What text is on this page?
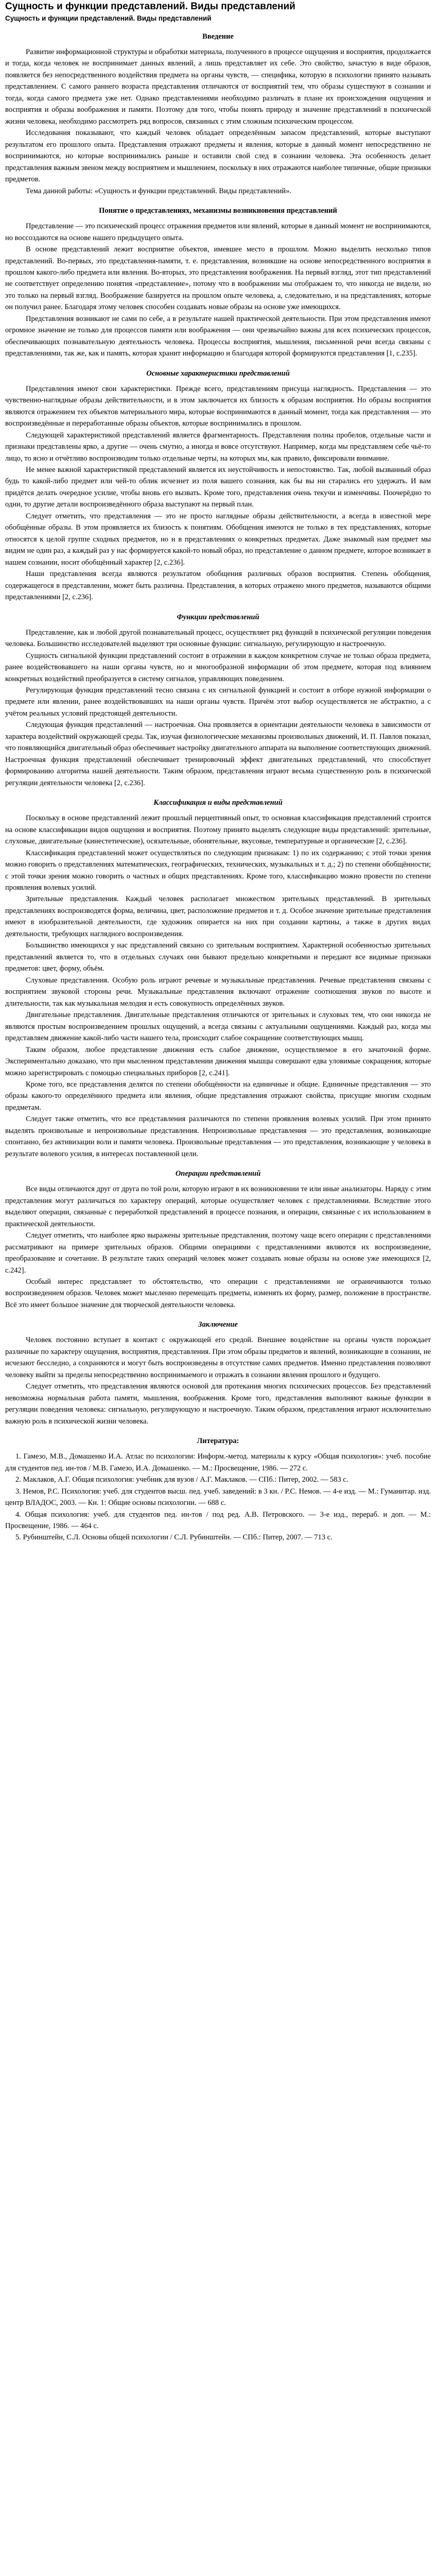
Сущность и функции представлений. Виды представлений
Сущность и функции представлений. Виды представлений
Введение

Развитие информационной структуры и обработки материала, полученного в процессе ощущения и восприятия, продолжается и тогда, когда человек не воспринимает данных явлений, а лишь представляет их себе. Это свойство, зачастую в виде образов, появляется без непосредственного воздействия предмета на органы чувств, — специфика, которую в психологии принято называть представлением. С самого раннего возраста представления отличаются от восприятий тем, что образы существуют в сознании и тогда, когда самого предмета уже нет. Однако представлениями необходимо различать в плане их происхождения ощущения и восприятия и образы воображения и памяти. Поэтому для того, чтобы понять природу и значение представлений в психической жизни человека, необходимо рассмотреть ряд вопросов, связанных с этим сложным психическим процессом.

Исследования показывают, что каждый человек обладает определённым запасом представлений, которые выступают результатом его прошлого опыта. Представления отражают предметы и явления, которые в данный момент непосредственно не воспринимаются, но которые воспринимались раньше и оставили свой след в сознании человека. Эта особенность делает представления важным звеном между восприятием и мышлением, поскольку в них отражаются наиболее типичные, общие признаки предметов.

Тема данной работы: «Сущность и функции представлений. Виды представлений».

Понятие о представлениях, механизмы возникновения представлений

Представление — это психический процесс отражения предметов или явлений, которые в данный момент не воспринимаются, но воссоздаются на основе нашего предыдущего опыта.

В основе представлений лежит восприятие объектов, имевшее место в прошлом. Можно выделить несколько типов представлений. Во-первых, это представления-памяти, т. е. представления, возникшие на основе непосредственного восприятия в прошлом какого-либо предмета или явления. Во-вторых, это представления воображения. На первый взгляд, этот тип представлений не соответствует определению понятия «представление», потому что в воображении мы отображаем то, что никогда не видели, но это только на первый взгляд. Воображение базируется на прошлом опыте человека, а, следовательно, и на представлениях, которые он получил ранее. Благодаря этому человек способен создавать новые образы на основе уже имеющихся.

Представления возникают не сами по себе, а в результате нашей практической деятельности. При этом представления имеют огромное значение не только для процессов памяти или воображения — они чрезвычайно важны для всех психических процессов, обеспечивающих познавательную деятельность человека. Процессы восприятия, мышления, письменной речи всегда связаны с представлениями, так же, как и память, которая хранит информацию и благодаря которой формируются представления [1, с.235].

Основные характеристики представлений

Представления имеют свои характеристики. Прежде всего, представлениям присуща наглядность. Представления — это чувственно-наглядные образы действительности, и в этом заключается их близость к образам восприятия. Но образы восприятия являются отражением тех объектов материального мира, которые воспринимаются в данный момент, тогда как представления — это воспроизведённые и переработанные образы объектов, которые воспринимались в прошлом.

Следующей характеристикой представлений является фрагментарность. Представления полны пробелов, отдельные части и признаки представлены ярко, а другие — очень смутно, а иногда и вовсе отсутствуют. Например, когда мы представляем себе чьё-то лицо, то ясно и отчётливо воспроизводим только отдельные черты, на которых мы, как правило, фиксировали внимание.

Не менее важной характеристикой представлений является их неустойчивость и непостоянство. Так, любой вызванный образ будь то какой-либо предмет или чей-то облик исчезнет из поля вашего сознания, как бы вы ни старались его удержать. И вам придётся делать очередное усилие, чтобы вновь его вызвать. Кроме того, представления очень текучи и изменчивы. Поочерёдно то одни, то другие детали воспроизведённого образа выступают на первый план.

Следует отметить, что представления — это не просто наглядные образы действительности, а всегда в известной мере обобщённые образы. В этом проявляется их близость к понятиям. Обобщения имеются не только в тех представлениях, которые относятся к целой группе сходных предметов, но и в представлениях о конкретных предметах. Даже знакомый нам предмет мы видим не один раз, а каждый раз у нас формируется какой-то новый образ, но представление о данном предмете, которое возникает в нашем сознании, носит обобщённый характер [2, с.236].

Наши представления всегда являются результатом обобщения различных образов восприятия. Степень обобщения, содержащегося в представлении, может быть различна. Представления, в которых отражено много предметов, называются общими представлениями [2, с.236].

Функции представлений

Представление, как и любой другой познавательный процесс, осуществляет ряд функций в психической регуляции поведения человека. Большинство исследователей выделяют три основные функции: сигнальную, регулирующую и настроечную.

Сущность сигнальной функции представлений состоит в отражении в каждом конкретном случае не только образа предмета, ранее воздействовавшего на наши органы чувств, но и многообразной информации об этом предмете, которая под влиянием конкретных воздействий преобразуется в систему сигналов, управляющих поведением.

Регулирующая функция представлений тесно связана с их сигнальной функцией и состоит в отборе нужной информации о предмете или явлении, ранее воздействовавших на наши органы чувств. Причём этот выбор осуществляется не абстрактно, а с учётом реальных условий предстоящей деятельности.

Следующая функция представлений — настроечная. Она проявляется в ориентации деятельности человека в зависимости от характера воздействий окружающей среды. Так, изучая физиологические механизмы произвольных движений, И. П. Павлов показал, что появляющийся двигательный образ обеспечивает настройку двигательного аппарата на выполнение соответствующих движений. Настроечная функция представлений обеспечивает тренировочный эффект двигательных представлений, что способствует формированию алгоритма нашей деятельности. Таким образом, представления играют весьма существенную роль в психической регуляции деятельности человека [2, с.236].

Классификация и виды представлений

Поскольку в основе представлений лежит прошлый перцептивный опыт, то основная классификация представлений строится на основе классификации видов ощущения и восприятия. Поэтому принято выделять следующие виды представлений: зрительные, слуховые, двигательные (кинестетические), осязательные, обонятельные, вкусовые, температурные и органические [2, с.236].

Классификация представлений может осуществляться по следующим признакам: 1) по их содержанию; с этой точки зрения можно говорить о представлениях математических, географических, технических, музыкальных и т. д.; 2) по степени обобщённости; с этой точки зрения можно говорить о частных и общих представлениях. Кроме того, классификацию можно провести по степени проявления волевых усилий.

Зрительные представления. Каждый человек располагает множеством зрительных представлений. В зрительных представлениях воспроизводятся форма, величина, цвет, расположение предметов и т. д. Особое значение зрительные представления имеют в изобразительной деятельности, где художник опирается на них при создании картины, а также в других видах деятельности, требующих наглядного воспроизведения.

Большинство имеющихся у нас представлений связано со зрительным восприятием. Характерной особенностью зрительных представлений является то, что в отдельных случаях они бывают предельно конкретными и передают все видимые признаки предметов: цвет, форму, объём.

Слуховые представления. Особую роль играют речевые и музыкальные представления. Речевые представления связаны с восприятием звуковой стороны речи. Музыкальные представления включают отражение соотношения звуков по высоте и длительности, так как музыкальная мелодия и есть совокупность определённых звуков.

Двигательные представления. Двигательные представления отличаются от зрительных и слуховых тем, что они никогда не являются простым воспроизведением прошлых ощущений, а всегда связаны с актуальными ощущениями. Каждый раз, когда мы представляем движение какой-либо части нашего тела, происходит слабое сокращение соответствующих мышц.

Таким образом, любое представление движения есть слабое движение, осуществляемое в его зачаточной форме. Экспериментально доказано, что при мысленном представлении движения мышцы совершают едва уловимые сокращения, которые можно зарегистрировать с помощью специальных приборов [2, с.241].

Кроме того, все представления делятся по степени обобщённости на единичные и общие. Единичные представления — это образы какого-то определённого предмета или явления, общие представления отражают свойства, присущие многим сходным предметам.

Следует также отметить, что все представления различаются по степени проявления волевых усилий. При этом принято выделять произвольные и непроизвольные представления. Непроизвольные представления — это представления, возникающие спонтанно, без активизации воли и памяти человека. Произвольные представления — это представления, возникающие у человека в результате волевого усилия, в интересах поставленной цели.

Операции представлений

Все виды отличаются друг от друга по той роли, которую играют в их возникновении те или иные анализаторы. Наряду с этим представления могут различаться по характеру операций, которые осуществляет человек с представлениями. Вследствие этого выделяют операции, связанные с переработкой представлений в процессе познания, и операции, связанные с их использованием в практической деятельности.

Следует отметить, что наиболее ярко выражены зрительные представления, поэтому чаще всего операции с представлениями рассматривают на примере зрительных образов. Общими операциями с представлениями являются их воспроизведение, преобразование и сочетание. В результате таких операций человек может создавать новые образы на основе уже имеющихся [2, с.242].

Особый интерес представляет то обстоятельство, что операции с представлениями не ограничиваются только воспроизведением образов. Человек может мысленно перемещать предметы, изменять их форму, размер, положение в пространстве. Всё это имеет большое значение для творческой деятельности человека.

Заключение

Человек постоянно вступает в контакт с окружающей его средой. Внешнее воздействие на органы чувств порождает различные по характеру ощущения, восприятия, представления. При этом образы предметов и явлений, возникающие в сознании, не исчезают бесследно, а сохраняются и могут быть воспроизведены в отсутствие самих предметов. Именно представления позволяют человеку выйти за пределы непосредственно воспринимаемого и отражать в сознании явления прошлого и будущего.

Следует отметить, что представления являются основой для протекания многих психических процессов. Без представлений невозможна нормальная работа памяти, мышления, воображения. Кроме того, представления выполняют важные функции в регуляции поведения человека: сигнальную, регулирующую и настроечную. Таким образом, представления играют исключительно важную роль в психической жизни человека.

Литература:
1. Гамезо, М.В., Домашенко И.А. Атлас по психологии: Информ.-метод. материалы к курсу «Общая психология»: учеб. пособие для студентов пед. ин-тов / М.В. Гамезо, И.А. Домашенко. — М.: Просвещение, 1986. — 272 с.
2. Маклаков, А.Г. Общая психология: учебник для вузов / А.Г. Маклаков. — СПб.: Питер, 2002. — 583 с.
3. Немов, Р.С. Психология: учеб. для студентов высш. пед. учеб. заведений: в 3 кн. / Р.С. Немов. — 4-е изд. — М.: Гуманитар. изд. центр ВЛАДОС, 2003. — Кн. 1: Общие основы психологии. — 688 с.
4. Общая психология: учеб. для студентов пед. ин-тов / под ред. А.В. Петровского. — 3-е изд., перераб. и доп. — М.: Просвещение, 1986. — 464 с.
5. Рубинштейн, С.Л. Основы общей психологии / С.Л. Рубинштейн. — СПб.: Питер, 2007. — 713 с.
